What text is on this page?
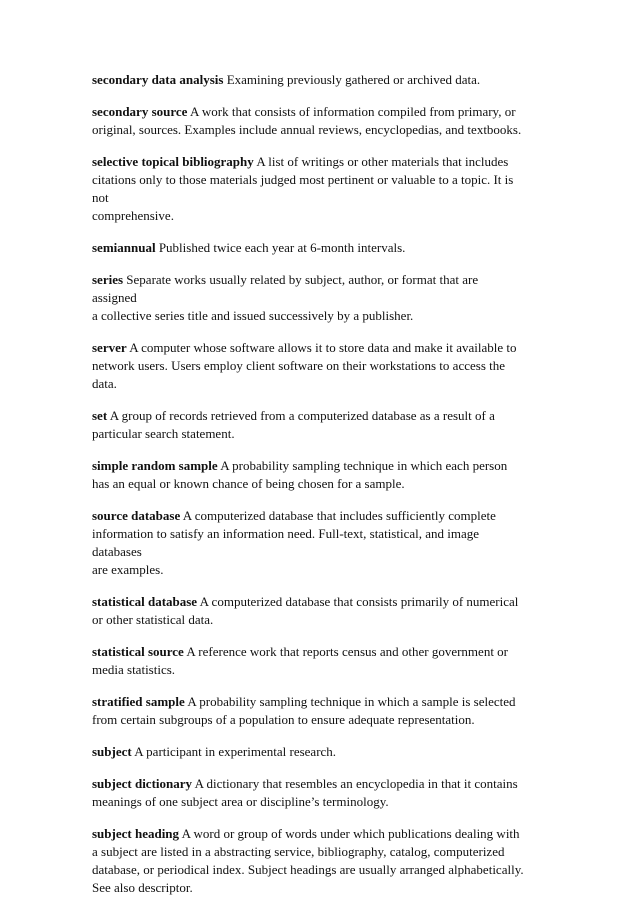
secondary data analysis Examining previously gathered or archived data.

secondary source A work that consists of information compiled from primary, or
original, sources. Examples include annual reviews, encyclopedias, and textbooks.

selective topical bibliography A list of writings or other materials that includes
citations only to those materials judged most pertinent or valuable to a topic. It is not
comprehensive.

semiannual Published twice each year at 6-month intervals.

series Separate works usually related by subject, author, or format that are assigned
a collective series title and issued successively by a publisher.

server A computer whose software allows it to store data and make it available to
network users. Users employ client software on their workstations to access the data.

set A group of records retrieved from a computerized database as a result of a
particular search statement.

simple random sample A probability sampling technique in which each person
has an equal or known chance of being chosen for a sample.

source database A computerized database that includes sufficiently complete
information to satisfy an information need. Full-text, statistical, and image databases
are examples.

statistical database A computerized database that consists primarily of numerical
or other statistical data.

statistical source A reference work that reports census and other government or
media statistics.

stratified sample A probability sampling technique in which a sample is selected
from certain subgroups of a population to ensure adequate representation.

subject A participant in experimental research.

subject dictionary A dictionary that resembles an encyclopedia in that it contains
meanings of one subject area or discipline’s terminology.

subject heading A word or group of words under which publications dealing with
a subject are listed in a abstracting service, bibliography, catalog, computerized
database, or periodical index. Subject headings are usually arranged alphabetically.
See also descriptor.
